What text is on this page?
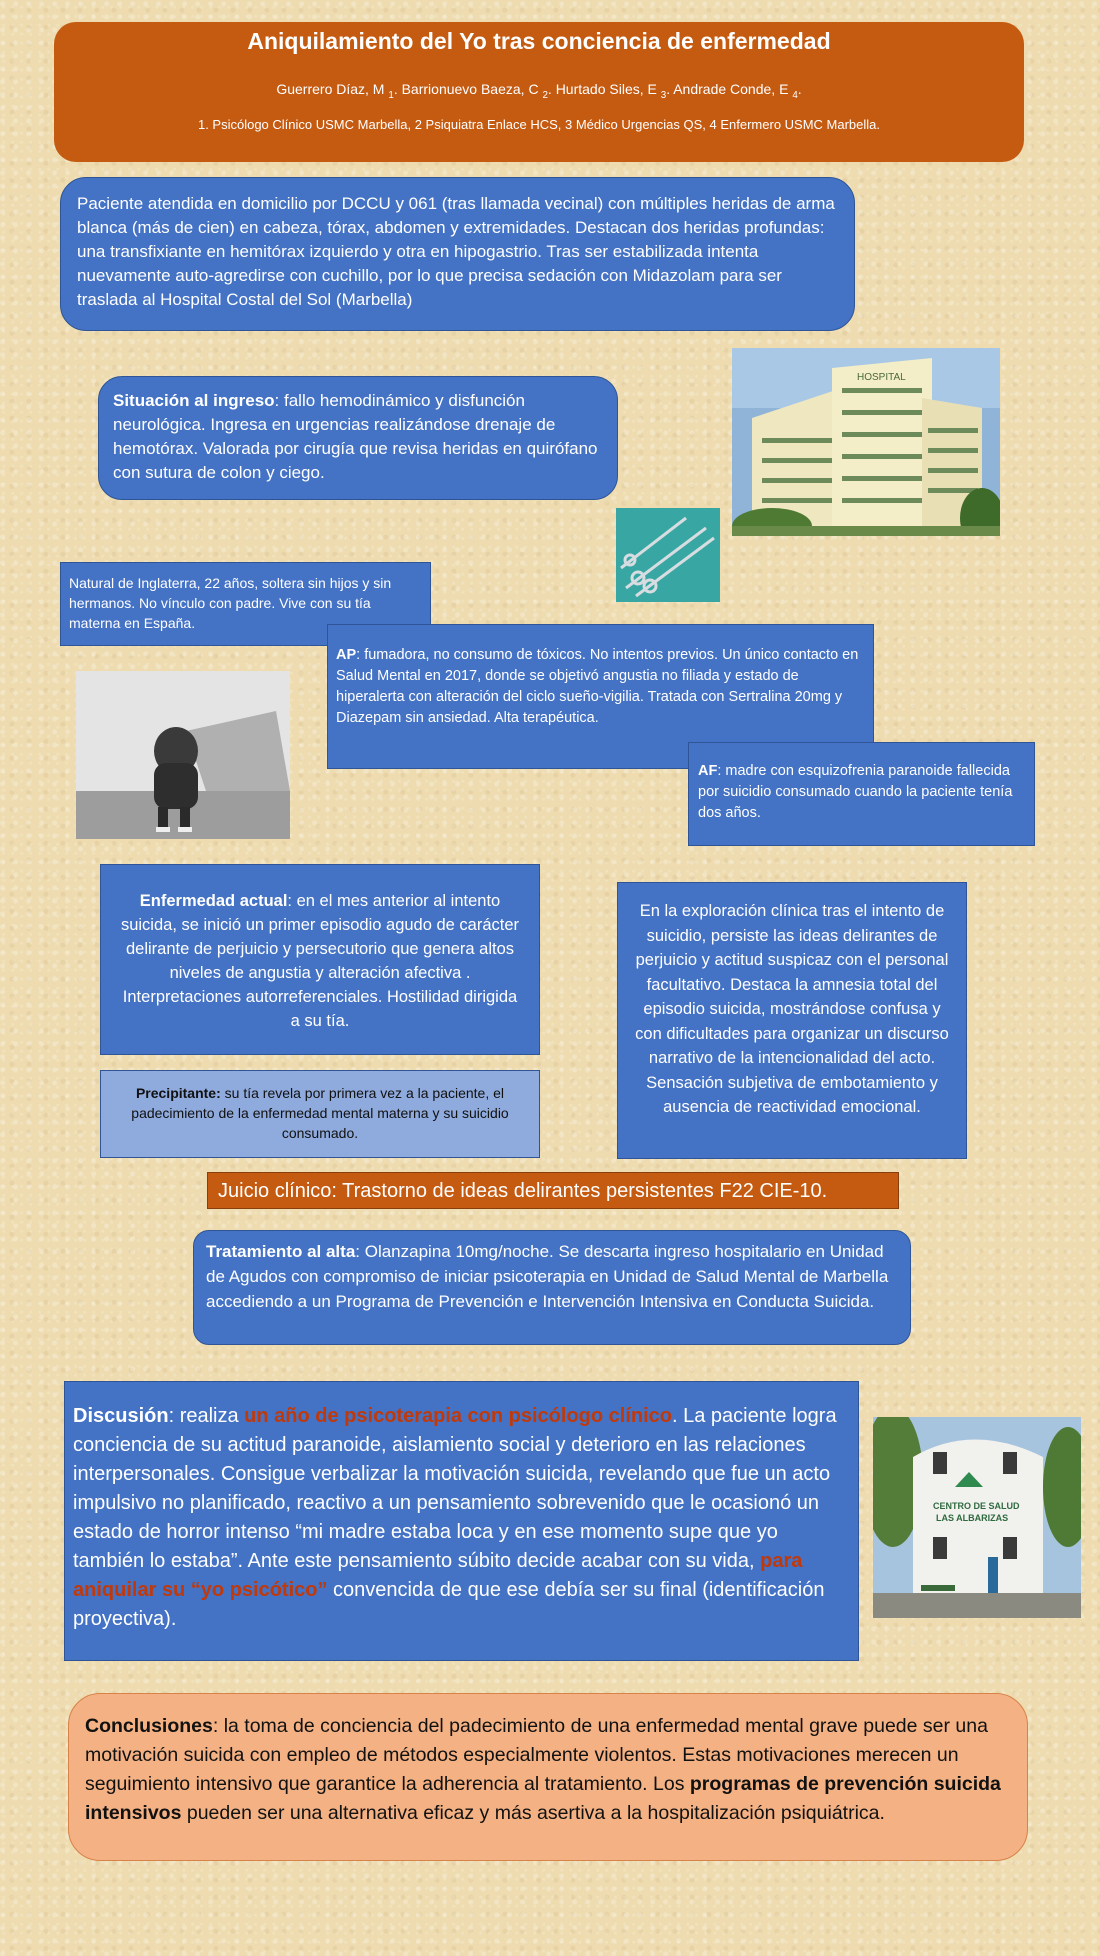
Aniquilamiento del Yo tras conciencia de enfermedad
Guerrero Díaz, M $_1$. Barrionuevo Baeza, C $_2$. Hurtado Siles, E $_3$. Andrade Conde, E $_4$.
1. Psicólogo Clínico USMC Marbella, 2 Psiquiatra Enlace HCS, 3 Médico Urgencias QS, 4 Enfermero USMC Marbella.
Paciente atendida en domicilio por DCCU y 061 (tras llamada vecinal) con múltiples heridas de arma blanca (más de cien) en cabeza, tórax, abdomen y extremidades. Destacan dos heridas profundas: una transfixiante en hemitórax izquierdo y otra en hipogastrio. Tras ser estabilizada intenta nuevamente auto-agredirse con cuchillo, por lo que precisa sedación con Midazolam para ser traslada al Hospital Costal del Sol (Marbella)
Situación al ingreso: fallo hemodinámico y disfunción neurológica. Ingresa en urgencias realizándose drenaje de hemotórax. Valorada por cirugía que revisa heridas en quirófano con sutura de colon y ciego.
HOSPITAL
Natural de Inglaterra, 22 años, soltera sin hijos y sin hermanos. No vínculo con padre. Vive con su tía materna en España.
AP: fumadora, no consumo de tóxicos. No intentos previos. Un único contacto en Salud Mental en 2017, donde se objetivó angustia no filiada y estado de hiperalerta con alteración del ciclo sueño-vigilia. Tratada con Sertralina 20mg y Diazepam sin ansiedad. Alta terapéutica.
AF: madre con esquizofrenia paranoide fallecida por suicidio consumado cuando la paciente tenía dos años.
Enfermedad actual: en el mes anterior al intento suicida, se inició un primer episodio agudo de carácter delirante de perjuicio y persecutorio que genera altos niveles de angustia y alteración afectiva . Interpretaciones autorreferenciales. Hostilidad dirigida a su tía.
En la exploración clínica tras el intento de suicidio, persiste las ideas delirantes de perjuicio y actitud suspicaz con el personal facultativo. Destaca la amnesia total del episodio suicida, mostrándose confusa y con dificultades para organizar un discurso narrativo de la intencionalidad del acto. Sensación subjetiva de embotamiento y ausencia de reactividad emocional.
Precipitante: su tía revela por primera vez a la paciente, el padecimiento de la enfermedad mental materna y su suicidio consumado.
Juicio clínico: Trastorno de ideas delirantes persistentes F22 CIE-10.
Tratamiento al alta: Olanzapina 10mg/noche. Se descarta ingreso hospitalario en Unidad de Agudos con compromiso de iniciar psicoterapia en Unidad de Salud Mental de Marbella accediendo a un Programa de Prevención e Intervención Intensiva en Conducta Suicida.
Discusión: realiza un año de psicoterapia con psicólogo clínico. La paciente logra conciencia de su actitud paranoide, aislamiento social y deterioro en las relaciones interpersonales. Consigue verbalizar la motivación suicida, revelando que fue un acto impulsivo no planificado, reactivo a un pensamiento sobrevenido que le ocasionó un estado de horror intenso “mi madre estaba loca y en ese momento supe que yo también lo estaba”. Ante este pensamiento súbito decide acabar con su vida, para aniquilar su “yo psicótico” convencida de que ese debía ser su final (identificación proyectiva).
CENTRO DE SALUD
LAS ALBARIZAS
Conclusiones: la toma de conciencia del padecimiento de una enfermedad mental grave puede ser una motivación suicida con empleo de métodos especialmente violentos. Estas motivaciones merecen un seguimiento intensivo que garantice la adherencia al tratamiento. Los programas de prevención suicida intensivos pueden ser una alternativa eficaz y más asertiva a la hospitalización psiquiátrica.
